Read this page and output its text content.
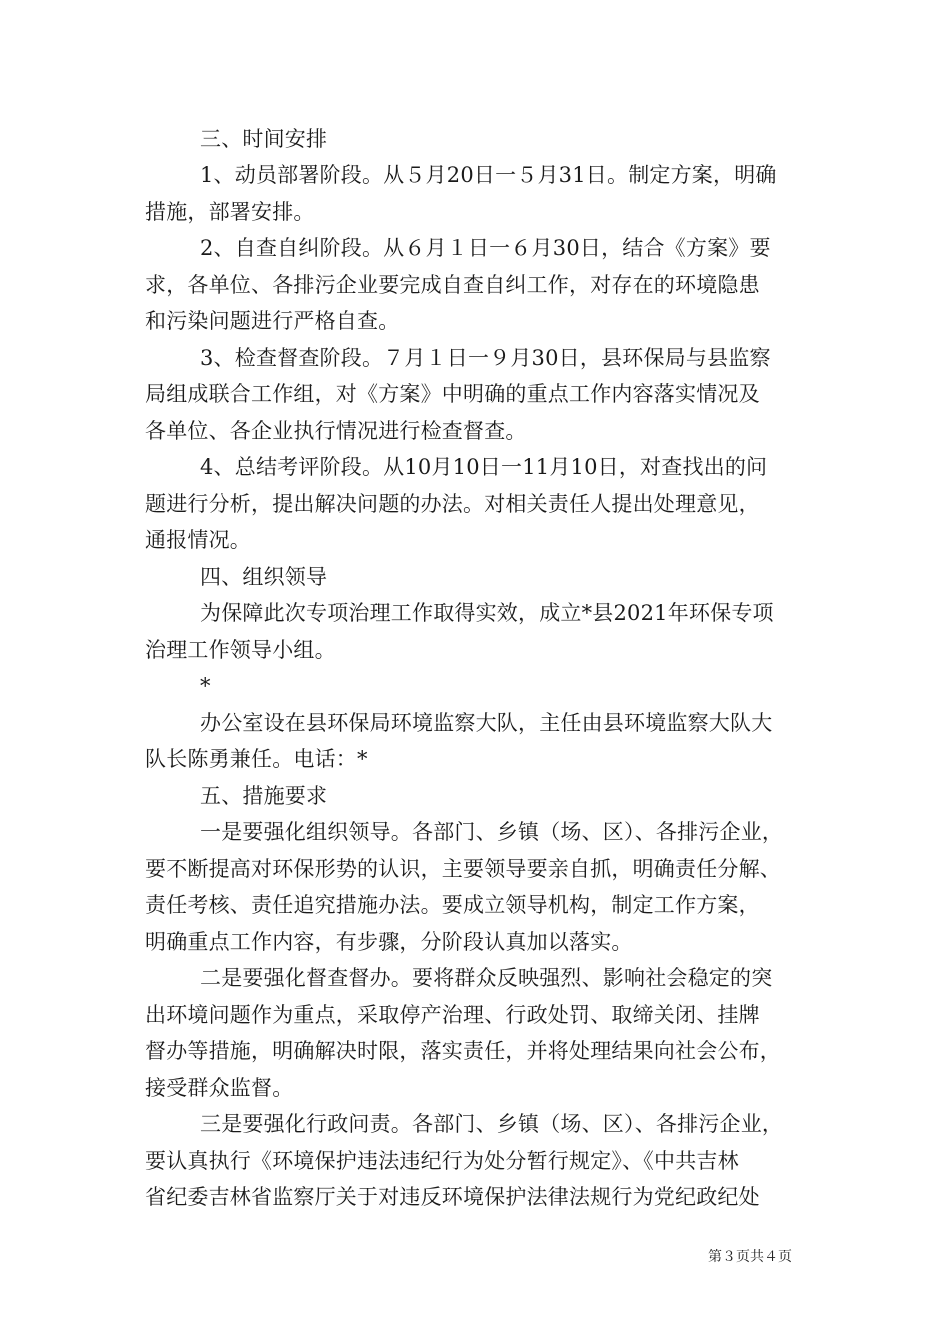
三、时间安排
1、动员部署阶段。从５月20日一５月31日。制定方案，明确
措施，部署安排。
2、自查自纠阶段。从６月１日一６月30日，结合《方案》要
求，各单位、各排污企业要完成自查自纠工作，对存在的环境隐患
和污染问题进行严格自查。
3、检查督查阶段。７月１日一９月30日，县环保局与县监察
局组成联合工作组，对《方案》中明确的重点工作内容落实情况及
各单位、各企业执行情况进行检查督查。
4、总结考评阶段。从10月10日一11月10日，对查找出的问
题进行分析，提出解决问题的办法。对相关责任人提出处理意见，
通报情况。
四、组织领导
为保障此次专项治理工作取得实效，成立*县2021年环保专项
治理工作领导小组。
*
办公室设在县环保局环境监察大队，主任由县环境监察大队大
队长陈勇兼任。电话：*
五、措施要求
一是要强化组织领导。各部门、乡镇（场、区）、各排污企业，
要不断提高对环保形势的认识，主要领导要亲自抓，明确责任分解、
责任考核、责任追究措施办法。要成立领导机构，制定工作方案，
明确重点工作内容，有步骤，分阶段认真加以落实。
二是要强化督查督办。要将群众反映强烈、影响社会稳定的突
出环境问题作为重点，采取停产治理、行政处罚、取缔关闭、挂牌
督办等措施，明确解决时限，落实责任，并将处理结果向社会公布，
接受群众监督。
三是要强化行政问责。各部门、乡镇（场、区）、各排污企业，
要认真执行《环境保护违法违纪行为处分暂行规定》、《中共吉林
省纪委吉林省监察厅关于对违反环境保护法律法规行为党纪政纪处
第３页共４页
